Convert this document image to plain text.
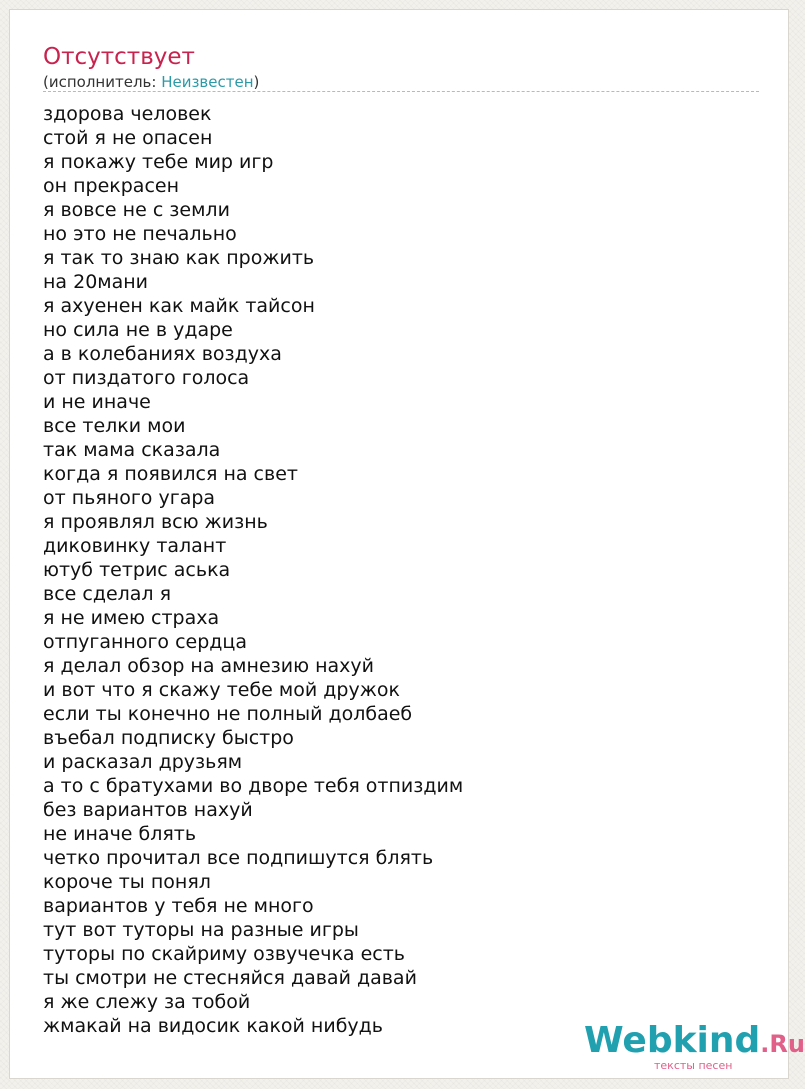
Отсутствует
(исполнитель: Неизвестен)
здорова человек
стой я не опасен
я покажу тебе мир игр
он прекрасен
я вовсе не с земли
но это не печально
я так то знаю как прожить
на 20мани
я ахуенен как майк тайсон
но сила не в ударе
а в колебаниях воздуха
от пиздатого голоса
и не иначе
все телки мои
так мама сказала
когда я появился на свет
от пьяного угара
я проявлял всю жизнь
диковинку талант
ютуб тетрис аська
все сделал я
я не имею страха
отпуганного сердца
я делал обзор на амнезию нахуй
и вот что я скажу тебе мой дружок
если ты конечно не полный долбаеб
въебал подписку быстро
и расказал друзьям
а то с братухами во дворе тебя отпиздим
без вариантов нахуй
не иначе блять
четко прочитал все подпишутся блять
короче ты понял
вариантов у тебя не много
тут вот туторы на разные игры
туторы по скайриму озвучечка есть
ты смотри не стесняйся давай давай
я же слежу за тобой
жмакай на видосик какой нибудь	Webkind.Ru
тексты песен
